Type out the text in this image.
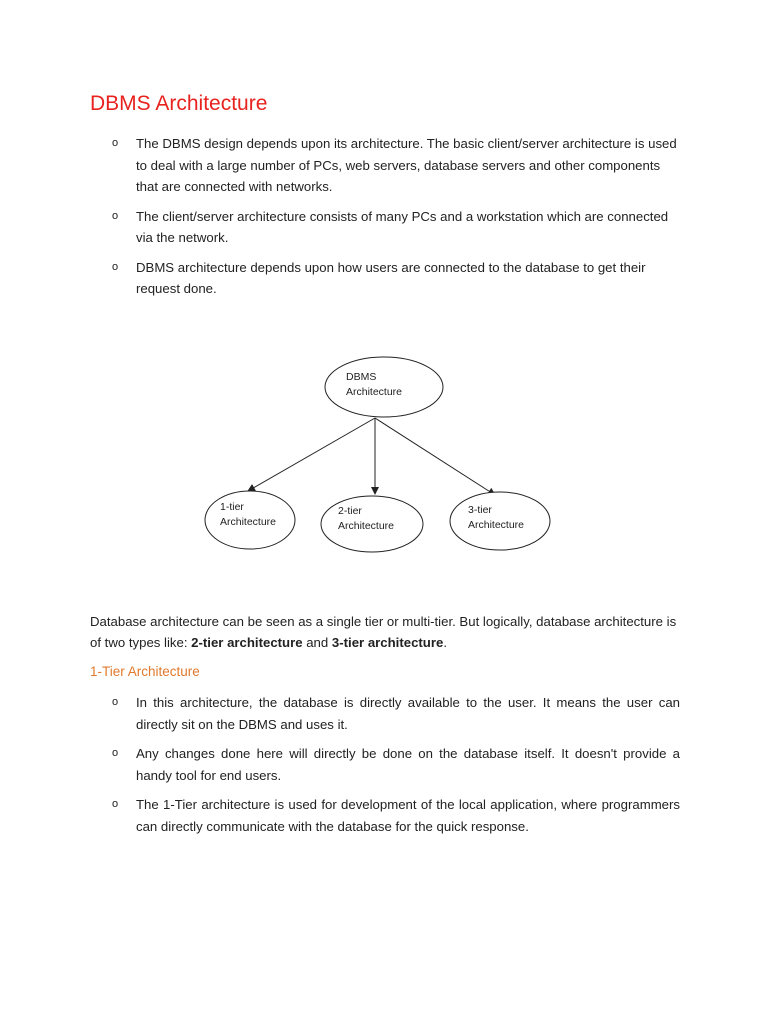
DBMS Architecture
o The DBMS design depends upon its architecture. The basic client/server architecture is used to deal with a large number of PCs, web servers, database servers and other components that are connected with networks.
o The client/server architecture consists of many PCs and a workstation which are connected via the network.
o DBMS architecture depends upon how users are connected to the database to get their request done.
DBMS
Architecture
1-tier
Architecture
2-tier
Architecture
3-tier
Architecture

Database architecture can be seen as a single tier or multi-tier. But logically, database architecture is of two types like: 2-tier architecture and 3-tier architecture.

1-Tier Architecture
o In this architecture, the database is directly available to the user. It means the user can directly sit on the DBMS and uses it.
o Any changes done here will directly be done on the database itself. It doesn't provide a handy tool for end users.
o The 1-Tier architecture is used for development of the local application, where programmers can directly communicate with the database for the quick response.
